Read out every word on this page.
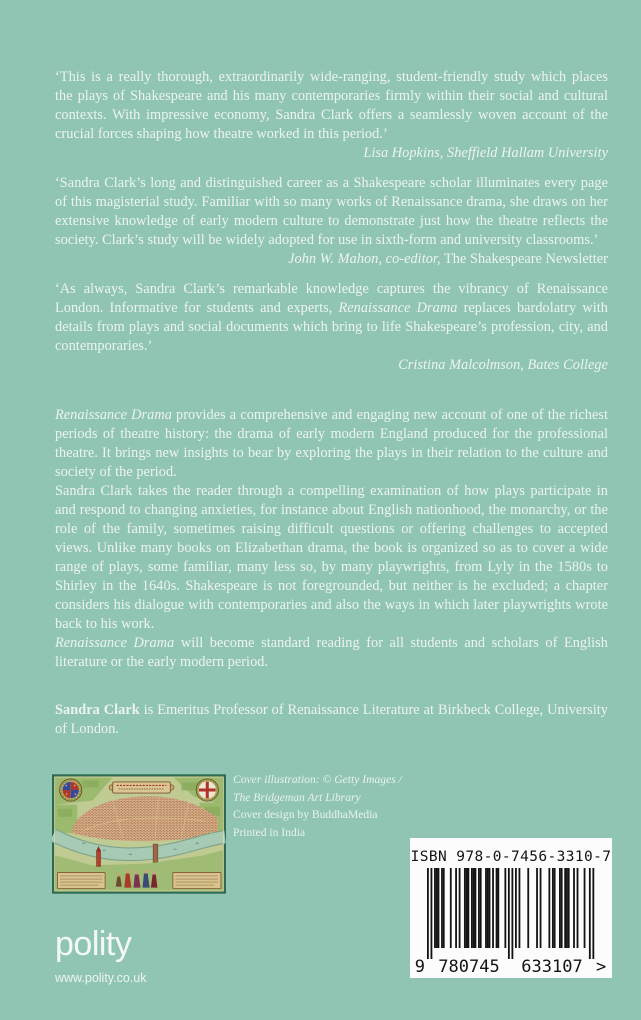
‘This is a really thorough, extraordinarily wide-ranging, student-friendly study which places the plays of Shakespeare and his many contemporaries firmly within their social and cultural contexts. With impressive economy, Sandra Clark offers a seamlessly woven account of the crucial forces shaping how theatre worked in this period.’

Lisa Hopkins, Sheffield Hallam University

‘Sandra Clark’s long and distinguished career as a Shakespeare scholar illuminates every page of this magisterial study. Familiar with so many works of Renaissance drama, she draws on her extensive knowledge of early modern culture to demonstrate just how the theatre reflects the society. Clark’s study will be widely adopted for use in sixth-form and university classrooms.’

John W. Mahon, co-editor, The Shakespeare Newsletter

‘As always, Sandra Clark’s remarkable knowledge captures the vibrancy of Renaissance London. Informative for students and experts, Renaissance Drama replaces bardolatry with details from plays and social documents which bring to life Shakespeare’s profession, city, and contemporaries.’

Cristina Malcolmson, Bates College

Renaissance Drama provides a comprehensive and engaging new account of one of the richest periods of theatre history: the drama of early modern England produced for the professional theatre. It brings new insights to bear by exploring the plays in their relation to the culture and society of the period.

Sandra Clark takes the reader through a compelling examination of how plays participate in and respond to changing anxieties, for instance about English nationhood, the monarchy, or the role of the family, sometimes raising difficult questions or offering challenges to accepted views. Unlike many books on Elizabethan drama, the book is organized so as to cover a wide range of plays, some familiar, many less so, by many playwrights, from Lyly in the 1580s to Shirley in the 1640s. Shakespeare is not foregrounded, but neither is he excluded; a chapter considers his dialogue with contemporaries and also the ways in which later playwrights wrote back to his work.

Renaissance Drama will become standard reading for all students and scholars of English literature or the early modern period.

Sandra Clark is Emeritus Professor of Renaissance Literature at Birkbeck College, University of London.

Cover illustration: © Getty Images /
The Bridgeman Art Library
Cover design by BuddhaMedia
Printed in India
ISBN 978-0-7456-3310-7
9 780745 633107 >
polity
www.polity.co.uk
